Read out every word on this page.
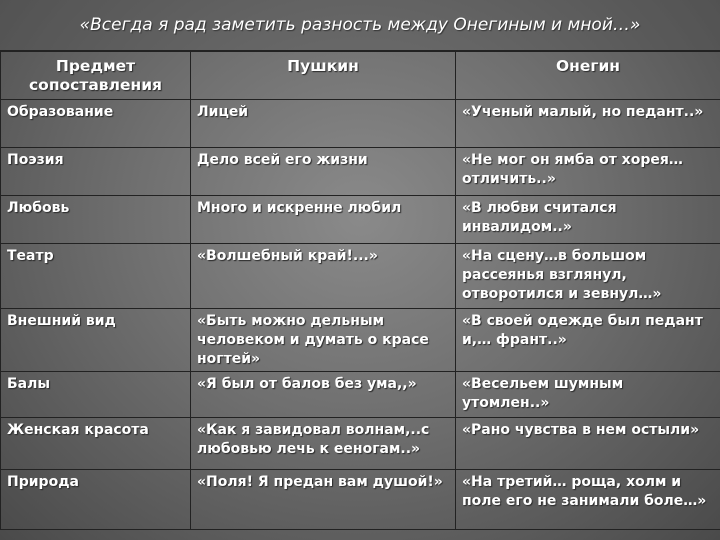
«Всегда я рад заметить разность между Онегиным и мной…»
Предмет сопоставления	Пушкин	Онегин
Образование	Лицей	«Ученый малый, но педант..»
Поэзия	Дело всей его жизни	«Не мог он ямба от хорея…отличить..»
Любовь	Много и искренне любил	«В любви считался инвалидом..»
Театр	«Волшебный край!...»	«На сцену…в большом рассеянья взглянул, отворотился и зевнул…»
Внешний вид	«Быть можно дельным человеком и думать о красе ногтей»	«В своей одежде был педант и,… франт..»
Балы	«Я был от балов без ума,,»	«Весельем шумным утомлен..»
Женская красота	«Как я завидовал волнам,..с любовью лечь к ееногам..»	«Рано чувства в нем остыли»
Природа	«Поля! Я предан вам душой!»	«На третий… роща, холм и поле его не занимали боле…»
